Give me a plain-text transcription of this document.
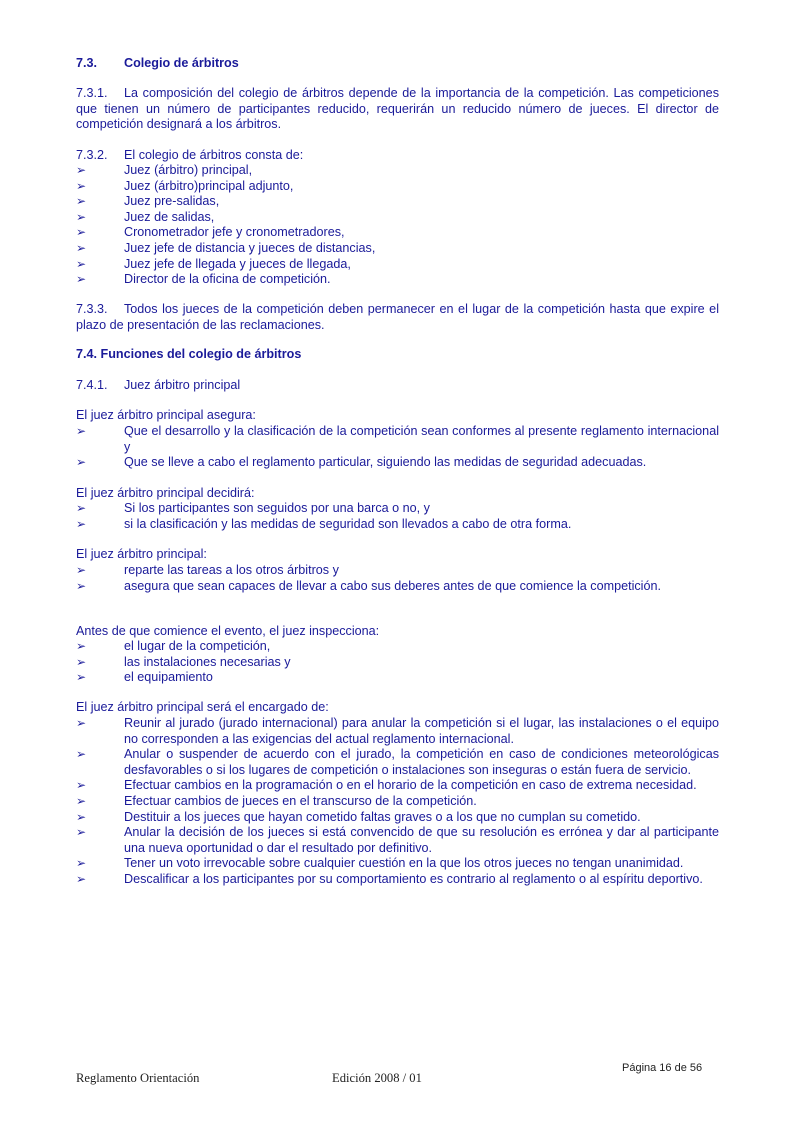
7.3. Colegio de árbitros
7.3.1. La composición del colegio de árbitros depende de la importancia de la competición. Las competiciones que tienen un número de participantes reducido, requerirán un reducido número de jueces. El director de competición designará a los árbitros.
7.3.2. El colegio de árbitros consta de:
➢	Juez (árbitro) principal,
➢	Juez (árbitro)principal adjunto,
➢	Juez pre-salidas,
➢	Juez de salidas,
➢	Cronometrador jefe y cronometradores,
➢	Juez jefe de distancia y jueces de distancias,
➢	Juez jefe de llegada y jueces de llegada,
➢	Director de la oficina de competición.
7.3.3. Todos los jueces de la competición deben permanecer en el lugar de la competición hasta que expire el plazo de presentación de las reclamaciones.
7.4. Funciones del colegio de árbitros
7.4.1. Juez árbitro principal
El juez árbitro principal asegura:
➢	Que el desarrollo y la clasificación de la competición sean conformes al presente reglamento internacional y
➢	Que se lleve a cabo el reglamento particular, siguiendo las medidas de seguridad adecuadas.
El juez árbitro principal decidirá:
➢	Si los participantes son seguidos por una barca o no, y
➢	si la clasificación y las medidas de seguridad son llevados a cabo de otra forma.
El juez árbitro principal:
➢	reparte las tareas a los otros árbitros y
➢	asegura que sean capaces de llevar a cabo sus deberes antes de que comience la competición.
Antes de que comience el evento, el juez inspecciona:
➢	el lugar de la competición,
➢	las instalaciones necesarias y
➢	el equipamiento
El juez árbitro principal será el encargado de:
➢	Reunir al jurado (jurado internacional) para anular la competición si el lugar, las instalaciones o el equipo no corresponden a las exigencias del actual reglamento internacional.
➢	Anular o suspender de acuerdo con el jurado, la competición en caso de condiciones meteorológicas desfavorables o si los lugares de competición o instalaciones son inseguras o están fuera de servicio.
➢	Efectuar cambios en la programación o en el horario de la competición en caso de extrema necesidad.
➢	Efectuar cambios de jueces en el transcurso de la competición.
➢	Destituir a los jueces que hayan cometido faltas graves o a los que no cumplan su cometido.
➢	Anular la decisión de los jueces si está convencido de que su resolución es errónea y dar al participante una nueva oportunidad o dar el resultado por definitivo.
➢	Tener un voto irrevocable sobre cualquier cuestión en la que los otros jueces no tengan unanimidad.
➢	Descalificar a los participantes por su comportamiento es contrario al reglamento o al espíritu deportivo.
Reglamento Orientación	Edición 2008 / 01
Página 16 de 56
